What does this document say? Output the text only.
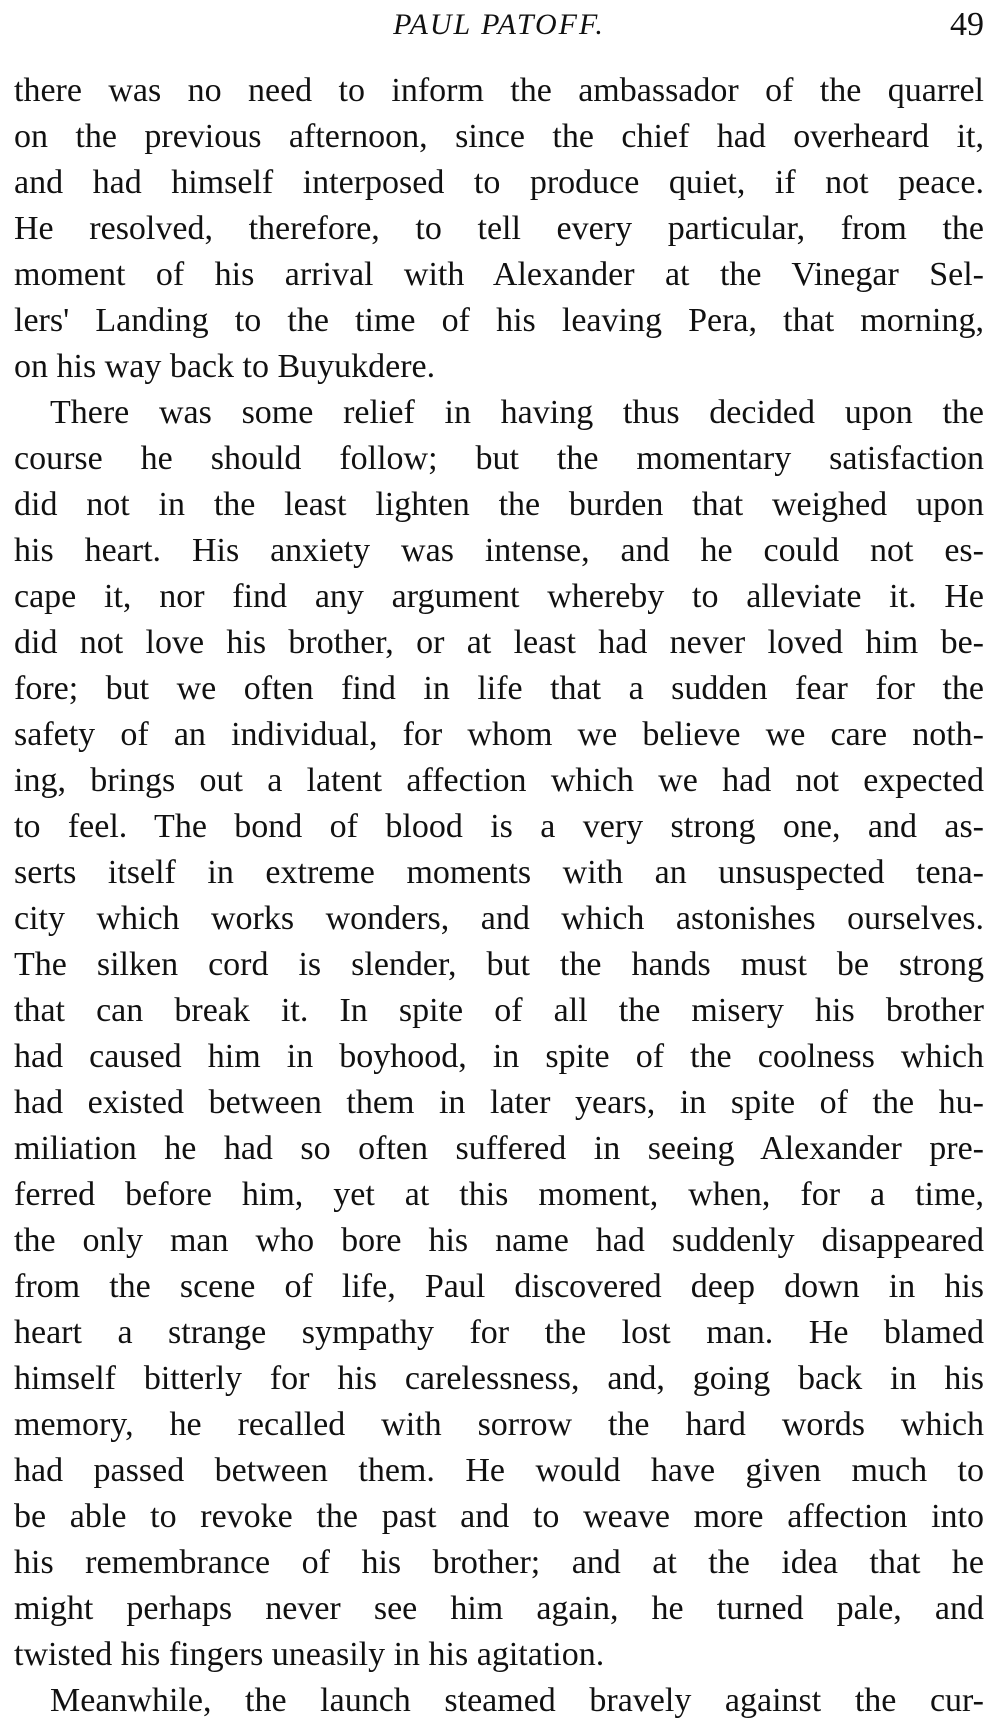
PAUL PATOFF.	49
there was no need to inform the ambassador of the quarrel
on the previous afternoon, since the chief had overheard it,
and had himself interposed to produce quiet, if not peace.
He resolved, therefore, to tell every particular, from the
moment of his arrival with Alexander at the Vinegar Sel-
lers' Landing to the time of his leaving Pera, that morning,
on his way back to Buyukdere.
There was some relief in having thus decided upon the
course he should follow; but the momentary satisfaction
did not in the least lighten the burden that weighed upon
his heart. His anxiety was intense, and he could not es-
cape it, nor find any argument whereby to alleviate it. He
did not love his brother, or at least had never loved him be-
fore; but we often find in life that a sudden fear for the
safety of an individual, for whom we believe we care noth-
ing, brings out a latent affection which we had not expected
to feel. The bond of blood is a very strong one, and as-
serts itself in extreme moments with an unsuspected tena-
city which works wonders, and which astonishes ourselves.
The silken cord is slender, but the hands must be strong
that can break it. In spite of all the misery his brother
had caused him in boyhood, in spite of the coolness which
had existed between them in later years, in spite of the hu-
miliation he had so often suffered in seeing Alexander pre-
ferred before him, yet at this moment, when, for a time,
the only man who bore his name had suddenly disappeared
from the scene of life, Paul discovered deep down in his
heart a strange sympathy for the lost man. He blamed
himself bitterly for his carelessness, and, going back in his
memory, he recalled with sorrow the hard words which
had passed between them. He would have given much to
be able to revoke the past and to weave more affection into
his remembrance of his brother; and at the idea that he
might perhaps never see him again, he turned pale, and
twisted his fingers uneasily in his agitation.
Meanwhile, the launch steamed bravely against the cur-
